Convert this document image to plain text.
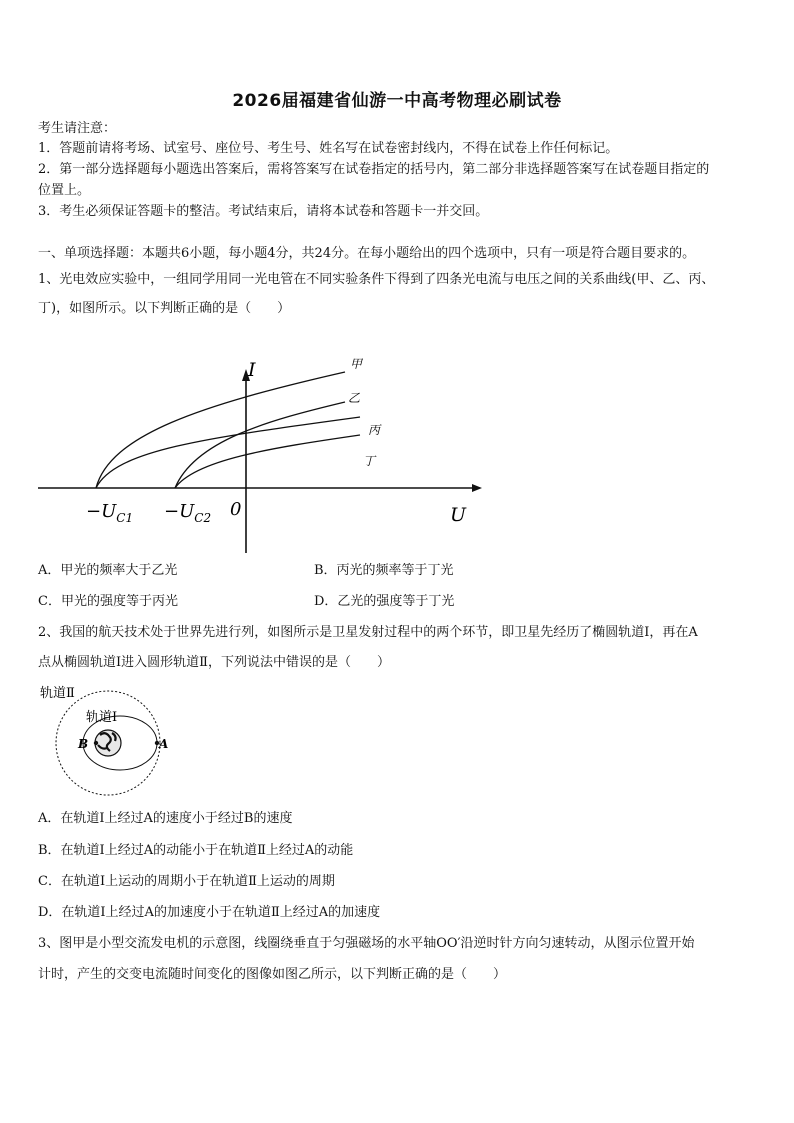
2026届福建省仙游一中高考物理必刷试卷
考生请注意：
1．答题前请将考场、试室号、座位号、考生号、姓名写在试卷密封线内，不得在试卷上作任何标记。
2．第一部分选择题每小题选出答案后，需将答案写在试卷指定的括号内，第二部分非选择题答案写在试卷题目指定的
位置上。
3．考生必须保证答题卡的整洁。考试结束后，请将本试卷和答题卡一并交回。
一、单项选择题：本题共6小题，每小题4分，共24分。在每小题给出的四个选项中，只有一项是符合题目要求的。
1、光电效应实验中，一组同学用同一光电管在不同实验条件下得到了四条光电流与电压之间的关系曲线(甲、乙、丙、
丁)，如图所示。以下判断正确的是（　　）
I
U
0
甲
乙
丙
丁
$-U_{C1} -U_{C2}$
A．甲光的频率大于乙光	B．丙光的频率等于丁光
C．甲光的强度等于丙光	D．乙光的强度等于丁光
2、我国的航天技术处于世界先进行列，如图所示是卫星发射过程中的两个环节，即卫星先经历了椭圆轨道Ⅰ，再在A
点从椭圆轨道Ⅰ进入圆形轨道Ⅱ，下列说法中错误的是（　　）
轨道Ⅱ
轨道Ⅰ
B	A
A．在轨道Ⅰ上经过A的速度小于经过B的速度
B．在轨道Ⅰ上经过A的动能小于在轨道Ⅱ上经过A的动能
C．在轨道Ⅰ上运动的周期小于在轨道Ⅱ上运动的周期
D．在轨道Ⅰ上经过A的加速度小于在轨道Ⅱ上经过A的加速度
3、图甲是小型交流发电机的示意图，线圈绕垂直于匀强磁场的水平轴OO′沿逆时针方向匀速转动，从图示位置开始
计时，产生的交变电流随时间变化的图像如图乙所示，以下判断正确的是（　　）
